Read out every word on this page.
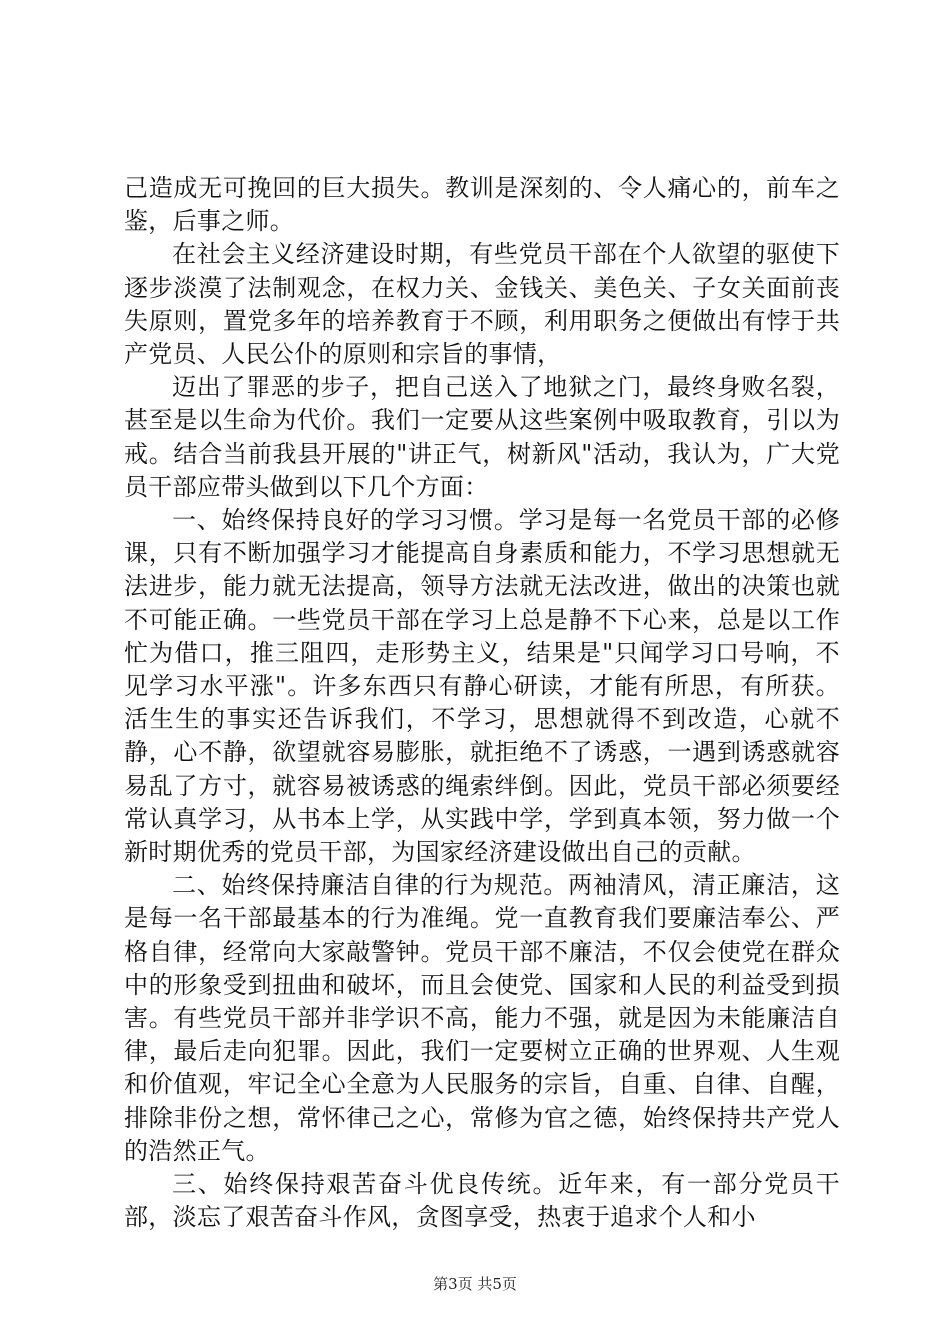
己造成无可挽回的巨大损失。教训是深刻的、令人痛心的，前车之鉴，后事之师。

在社会主义经济建设时期，有些党员干部在个人欲望的驱使下逐步淡漠了法制观念，在权力关、金钱关、美色关、子女关面前丧失原则，置党多年的培养教育于不顾，利用职务之便做出有悖于共产党员、人民公仆的原则和宗旨的事情，

迈出了罪恶的步子，把自己送入了地狱之门，最终身败名裂，甚至是以生命为代价。我们一定要从这些案例中吸取教育，引以为戒。结合当前我县开展的"讲正气，树新风"活动，我认为，广大党员干部应带头做到以下几个方面：

一、始终保持良好的学习习惯。学习是每一名党员干部的必修课，只有不断加强学习才能提高自身素质和能力，不学习思想就无法进步，能力就无法提高，领导方法就无法改进，做出的决策也就不可能正确。一些党员干部在学习上总是静不下心来，总是以工作忙为借口，推三阻四，走形势主义，结果是"只闻学习口号响，不见学习水平涨"。许多东西只有静心研读，才能有所思，有所获。活生生的事实还告诉我们，不学习，思想就得不到改造，心就不静，心不静，欲望就容易膨胀，就拒绝不了诱惑，一遇到诱惑就容易乱了方寸，就容易被诱惑的绳索绊倒。因此，党员干部必须要经常认真学习，从书本上学，从实践中学，学到真本领，努力做一个新时期优秀的党员干部，为国家经济建设做出自己的贡献。

二、始终保持廉洁自律的行为规范。两袖清风，清正廉洁，这是每一名干部最基本的行为准绳。党一直教育我们要廉洁奉公、严格自律，经常向大家敲警钟。党员干部不廉洁，不仅会使党在群众中的形象受到扭曲和破坏，而且会使党、国家和人民的利益受到损害。有些党员干部并非学识不高，能力不强，就是因为未能廉洁自律，最后走向犯罪。因此，我们一定要树立正确的世界观、人生观和价值观，牢记全心全意为人民服务的宗旨，自重、自律、自醒，排除非份之想，常怀律己之心，常修为官之德，始终保持共产党人的浩然正气。

三、始终保持艰苦奋斗优良传统。近年来，有一部分党员干部，淡忘了艰苦奋斗作风，贪图享受，热衷于追求个人和小

第3页 共5页
